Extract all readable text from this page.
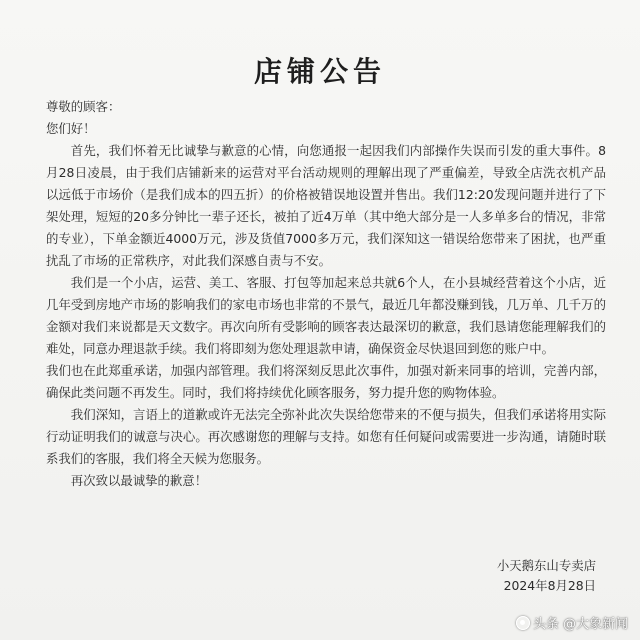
店铺公告

尊敬的顾客：

您们好！

首先，我们怀着无比诚挚与歉意的心情，向您通报一起因我们内部操作失误而引发的重大事件。8月28日凌晨，由于我们店铺新来的运营对平台活动规则的理解出现了严重偏差，导致全店洗衣机产品以远低于市场价（是我们成本的四五折）的价格被错误地设置并售出。我们12:20发现问题并进行了下架处理，短短的20多分钟比一辈子还长，被拍了近4万单（其中绝大部分是一人多单多台的情况，非常的专业），下单金额近4000万元，涉及货值7000多万元，我们深知这一错误给您带来了困扰，也严重扰乱了市场的正常秩序，对此我们深感自责与不安。

我们是一个小店，运营、美工、客服、打包等加起来总共就6个人，在小县城经营着这个小店，近几年受到房地产市场的影响我们的家电市场也非常的不景气，最近几年都没赚到钱，几万单、几千万的金额对我们来说都是天文数字。再次向所有受影响的顾客表达最深切的歉意，我们恳请您能理解我们的难处，同意办理退款手续。我们将即刻为您处理退款申请，确保资金尽快退回到您的账户中。

我们也在此郑重承诺，加强内部管理。我们将深刻反思此次事件，加强对新来同事的培训，完善内部，确保此类问题不再发生。同时，我们将持续优化顾客服务，努力提升您的购物体验。

我们深知，言语上的道歉或许无法完全弥补此次失误给您带来的不便与损失，但我们承诺将用实际行动证明我们的诚意与决心。再次感谢您的理解与支持。如您有任何疑问或需要进一步沟通，请随时联系我们的客服，我们将全天候为您服务。

再次致以最诚挚的歉意！

小天鹅东山专卖店
2024年8月28日
头条 @大象新闻
